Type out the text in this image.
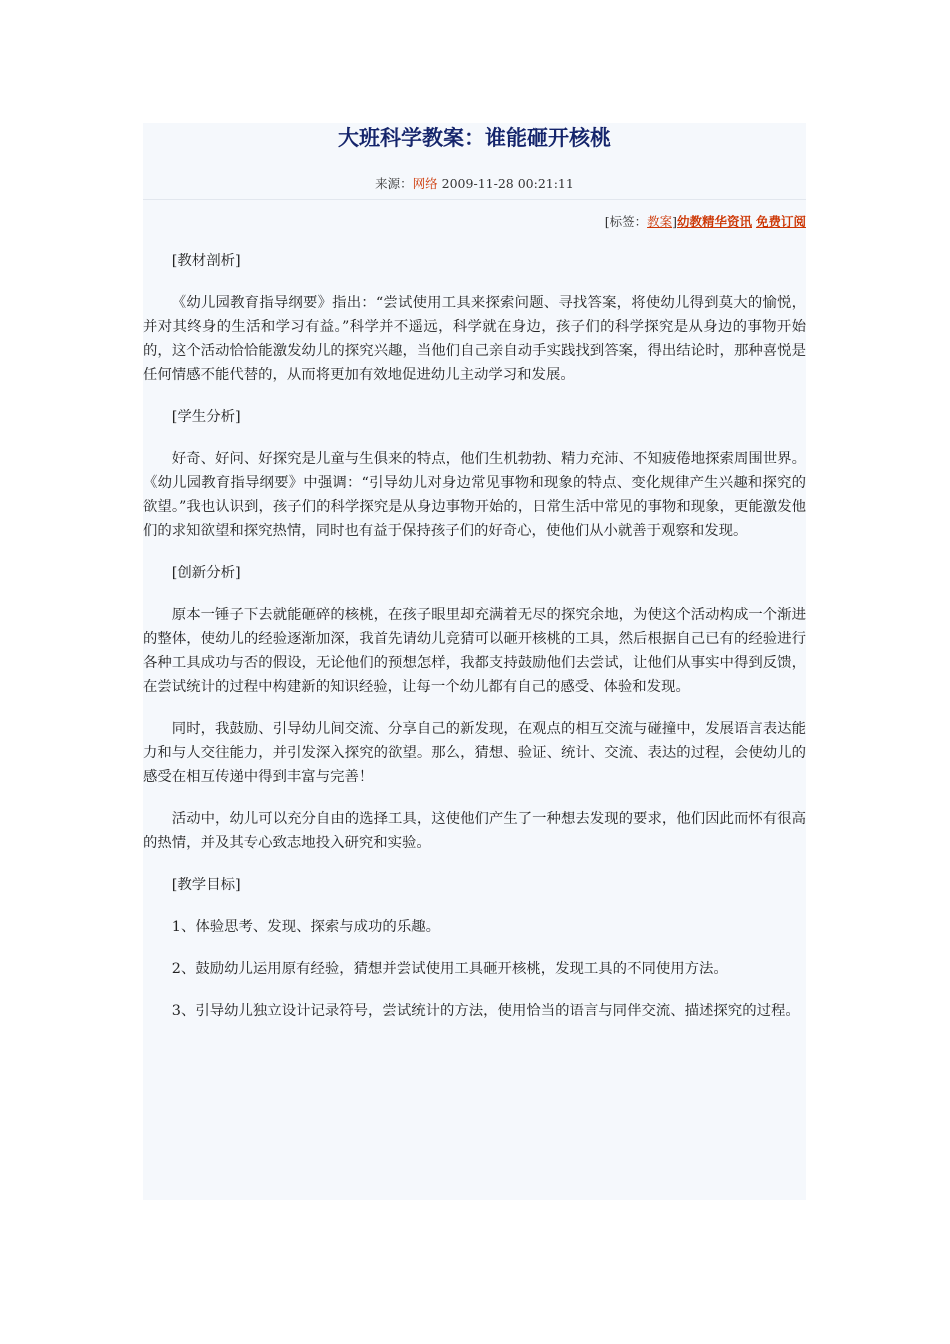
大班科学教案：谁能砸开核桃
来源：网络 2009-11-28 00:21:11
[标签：教案]幼教精华资讯 免费订阅

[教材剖析]

《幼儿园教育指导纲要》指出：“尝试使用工具来探索问题、寻找答案，将使幼儿得到莫大的愉悦，并对其终身的生活和学习有益。”科学并不遥远，科学就在身边，孩子们的科学探究是从身边的事物开始的，这个活动恰恰能激发幼儿的探究兴趣，当他们自己亲自动手实践找到答案，得出结论时，那种喜悦是任何情感不能代替的，从而将更加有效地促进幼儿主动学习和发展。

[学生分析]

好奇、好问、好探究是儿童与生俱来的特点，他们生机勃勃、精力充沛、不知疲倦地探索周围世界。《幼儿园教育指导纲要》中强调：“引导幼儿对身边常见事物和现象的特点、变化规律产生兴趣和探究的欲望。”我也认识到，孩子们的科学探究是从身边事物开始的，日常生活中常见的事物和现象，更能激发他们的求知欲望和探究热情，同时也有益于保持孩子们的好奇心，使他们从小就善于观察和发现。

[创新分析]

原本一锤子下去就能砸碎的核桃，在孩子眼里却充满着无尽的探究余地，为使这个活动构成一个渐进的整体，使幼儿的经验逐渐加深，我首先请幼儿竞猜可以砸开核桃的工具，然后根据自己已有的经验进行各种工具成功与否的假设，无论他们的预想怎样，我都支持鼓励他们去尝试，让他们从事实中得到反馈，在尝试统计的过程中构建新的知识经验，让每一个幼儿都有自己的感受、体验和发现。

同时，我鼓励、引导幼儿间交流、分享自己的新发现，在观点的相互交流与碰撞中，发展语言表达能力和与人交往能力，并引发深入探究的欲望。那么，猜想、验证、统计、交流、表达的过程，会使幼儿的感受在相互传递中得到丰富与完善！

活动中，幼儿可以充分自由的选择工具，这使他们产生了一种想去发现的要求，他们因此而怀有很高的热情，并及其专心致志地投入研究和实验。

[教学目标]

1、体验思考、发现、探索与成功的乐趣。

2、鼓励幼儿运用原有经验，猜想并尝试使用工具砸开核桃，发现工具的不同使用方法。

3、引导幼儿独立设计记录符号，尝试统计的方法，使用恰当的语言与同伴交流、描述探究的过程。
